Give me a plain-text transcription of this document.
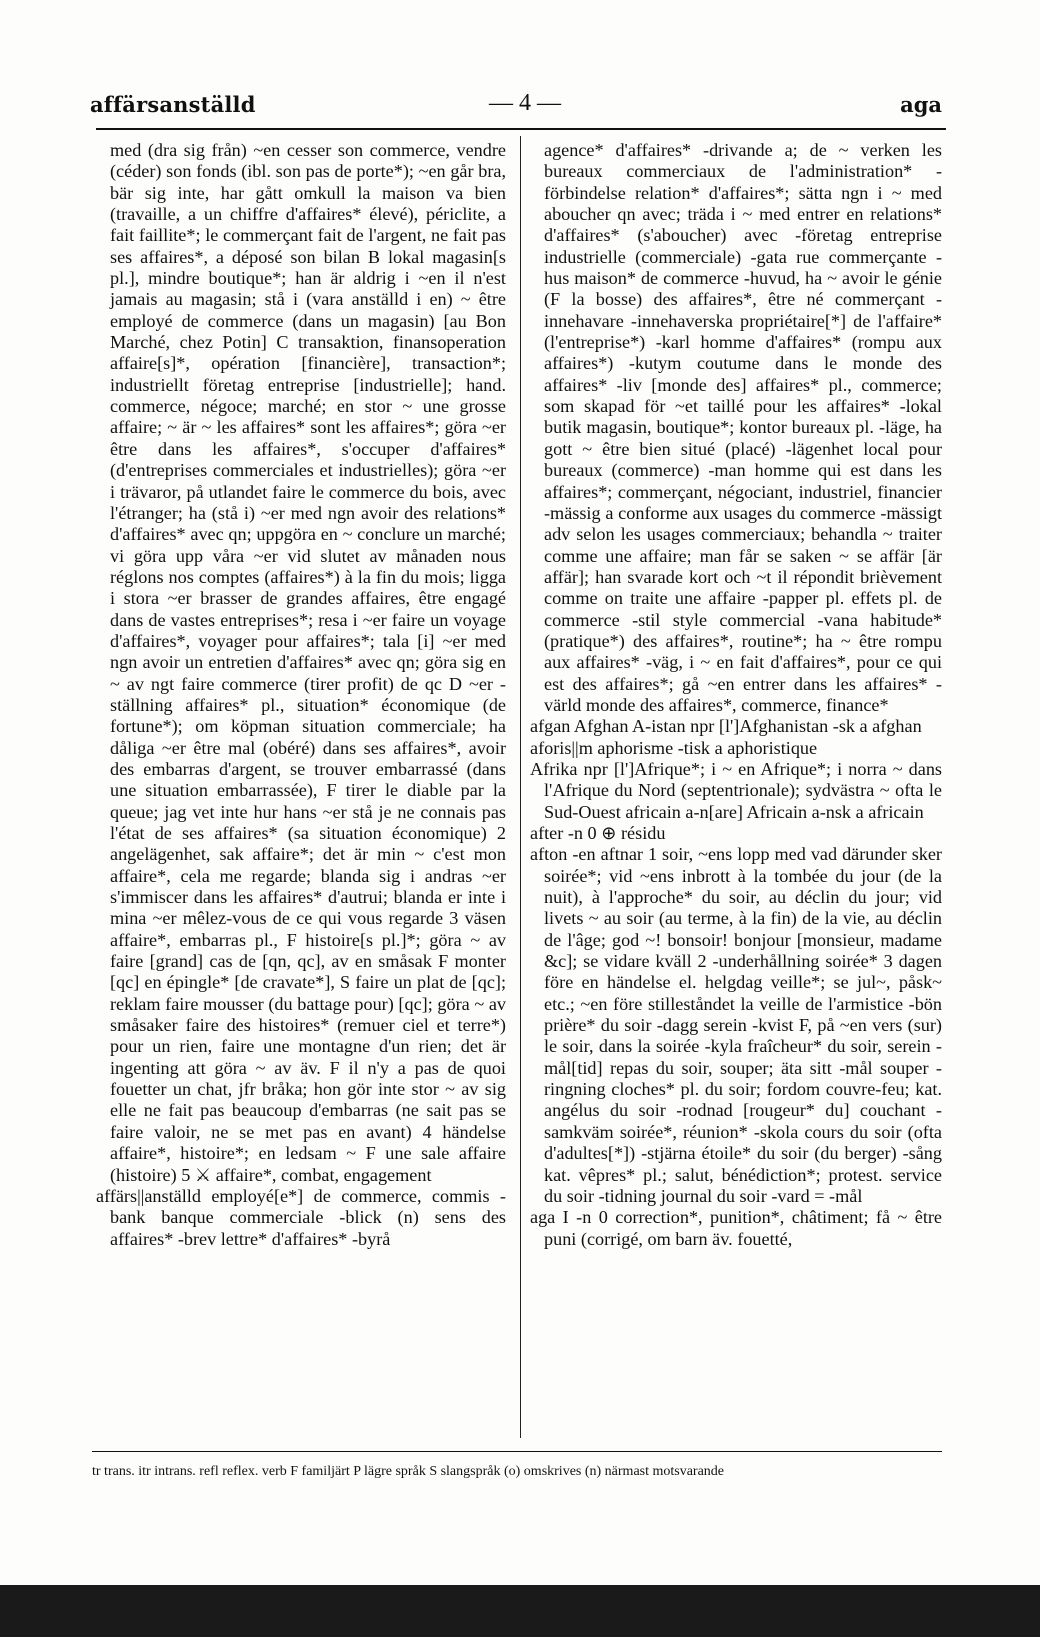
affärsanställd	— 4 —	aga

med (dra sig från) ~en cesser son commerce, vendre (céder) son fonds (ibl. son pas de porte*); ~en går bra, bär sig inte, har gått omkull la maison va bien (travaille, a un chiffre d'affaires* élevé), périclite, a fait faillite*; le commerçant fait de l'argent, ne fait pas ses affaires*, a déposé son bilan B lokal magasin[s pl.], mindre boutique*; han är aldrig i ~en il n'est jamais au magasin; stå i (vara anställd i en) ~ être employé de commerce (dans un magasin) [au Bon Marché, chez Potin] C transaktion, finansoperation affaire[s]*, opération [financière], transaction*; industriellt företag entreprise [industrielle]; hand. commerce, négoce; marché; en stor ~ une grosse affaire; ~ är ~ les affaires* sont les affaires*; göra ~er être dans les affaires*, s'occuper d'affaires* (d'entreprises commerciales et industrielles); göra ~er i trävaror, på utlandet faire le commerce du bois, avec l'étranger; ha (stå i) ~er med ngn avoir des relations* d'affaires* avec qn; uppgöra en ~ conclure un marché; vi göra upp våra ~er vid slutet av månaden nous réglons nos comptes (affaires*) à la fin du mois; ligga i stora ~er brasser de grandes affaires, être engagé dans de vastes entreprises*; resa i ~er faire un voyage d'affaires*, voyager pour affaires*; tala [i] ~er med ngn avoir un entretien d'affaires* avec qn; göra sig en ~ av ngt faire commerce (tirer profit) de qc D ~er -ställning affaires* pl., situation* économique (de fortune*); om köpman situation commerciale; ha dåliga ~er être mal (obéré) dans ses affaires*, avoir des embarras d'argent, se trouver embarrassé (dans une situation embarrassée), F tirer le diable par la queue; jag vet inte hur hans ~er stå je ne connais pas l'état de ses affaires* (sa situation économique) 2 angelägenhet, sak affaire*; det är min ~ c'est mon affaire*, cela me regarde; blanda sig i andras ~er s'immiscer dans les affaires* d'autrui; blanda er inte i mina ~er mêlez-vous de ce qui vous regarde 3 väsen affaire*, embarras pl., F histoire[s pl.]*; göra ~ av faire [grand] cas de [qn, qc], av en småsak F monter [qc] en épingle* [de cravate*], S faire un plat de [qc]; reklam faire mousser (du battage pour) [qc]; göra ~ av småsaker faire des histoires* (remuer ciel et terre*) pour un rien, faire une montagne d'un rien; det är ingenting att göra ~ av äv. F il n'y a pas de quoi fouetter un chat, jfr bråka; hon gör inte stor ~ av sig elle ne fait pas beaucoup d'embarras (ne sait pas se faire valoir, ne se met pas en avant) 4 händelse affaire*, histoire*; en ledsam ~ F une sale affaire (histoire) 5 ⚔ affaire*, combat, engagement

affärs||anställd employé[e*] de commerce, commis -bank banque commerciale -blick (n) sens des affaires* -brev lettre* d'affaires* -byrå

agence* d'affaires* -drivande a; de ~ verken les bureaux commerciaux de l'administration* -förbindelse relation* d'affaires*; sätta ngn i ~ med aboucher qn avec; träda i ~ med entrer en relations* d'affaires* (s'aboucher) avec -företag entreprise industrielle (commerciale) -gata rue commerçante -hus maison* de commerce -huvud, ha ~ avoir le génie (F la bosse) des affaires*, être né commerçant -innehavare -innehaverska propriétaire[*] de l'affaire* (l'entreprise*) -karl homme d'affaires* (rompu aux affaires*) -kutym coutume dans le monde des affaires* -liv [monde des] affaires* pl., commerce; som skapad för ~et taillé pour les affaires* -lokal butik magasin, boutique*; kontor bureaux pl. -läge, ha gott ~ être bien situé (placé) -lägenhet local pour bureaux (commerce) -man homme qui est dans les affaires*; commerçant, négociant, industriel, financier -mässig a conforme aux usages du commerce -mässigt adv selon les usages commerciaux; behandla ~ traiter comme une affaire; man får se saken ~ se affär [är affär]; han svarade kort och ~t il répondit brièvement comme on traite une affaire -papper pl. effets pl. de commerce -stil style commercial -vana habitude* (pratique*) des affaires*, routine*; ha ~ être rompu aux affaires* -väg, i ~ en fait d'affaires*, pour ce qui est des affaires*; gå ~en entrer dans les affaires* -värld monde des affaires*, commerce, finance*

afgan Afghan A-istan npr [l']Afghanistan -sk a afghan

aforis||m aphorisme -tisk a aphoristique

Afrika npr [l']Afrique*; i ~ en Afrique*; i norra ~ dans l'Afrique du Nord (septentrionale); sydvästra ~ ofta le Sud-Ouest africain a-n[are] Africain a-nsk a africain

after -n 0 ⊕ résidu

afton -en aftnar 1 soir, ~ens lopp med vad därunder sker soirée*; vid ~ens inbrott à la tombée du jour (de la nuit), à l'approche* du soir, au déclin du jour; vid livets ~ au soir (au terme, à la fin) de la vie, au déclin de l'âge; god ~! bonsoir! bonjour [monsieur, madame &c]; se vidare kväll 2 -underhållning soirée* 3 dagen före en händelse el. helgdag veille*; se jul~, påsk~ etc.; ~en före stilleståndet la veille de l'armistice -bön prière* du soir -dagg serein -kvist F, på ~en vers (sur) le soir, dans la soirée -kyla fraîcheur* du soir, serein -mål[tid] repas du soir, souper; äta sitt -mål souper -ringning cloches* pl. du soir; fordom couvre-feu; kat. angélus du soir -rodnad [rougeur* du] couchant -samkväm soirée*, réunion* -skola cours du soir (ofta d'adultes[*]) -stjärna étoile* du soir (du berger) -sång kat. vêpres* pl.; salut, bénédiction*; protest. service du soir -tidning journal du soir -vard = -mål

aga I -n 0 correction*, punition*, châtiment; få ~ être puni (corrigé, om barn äv. fouetté,

tr trans. itr intrans. refl reflex. verb F familjärt P lägre språk S slangspråk (o) omskrives (n) närmast motsvarande
